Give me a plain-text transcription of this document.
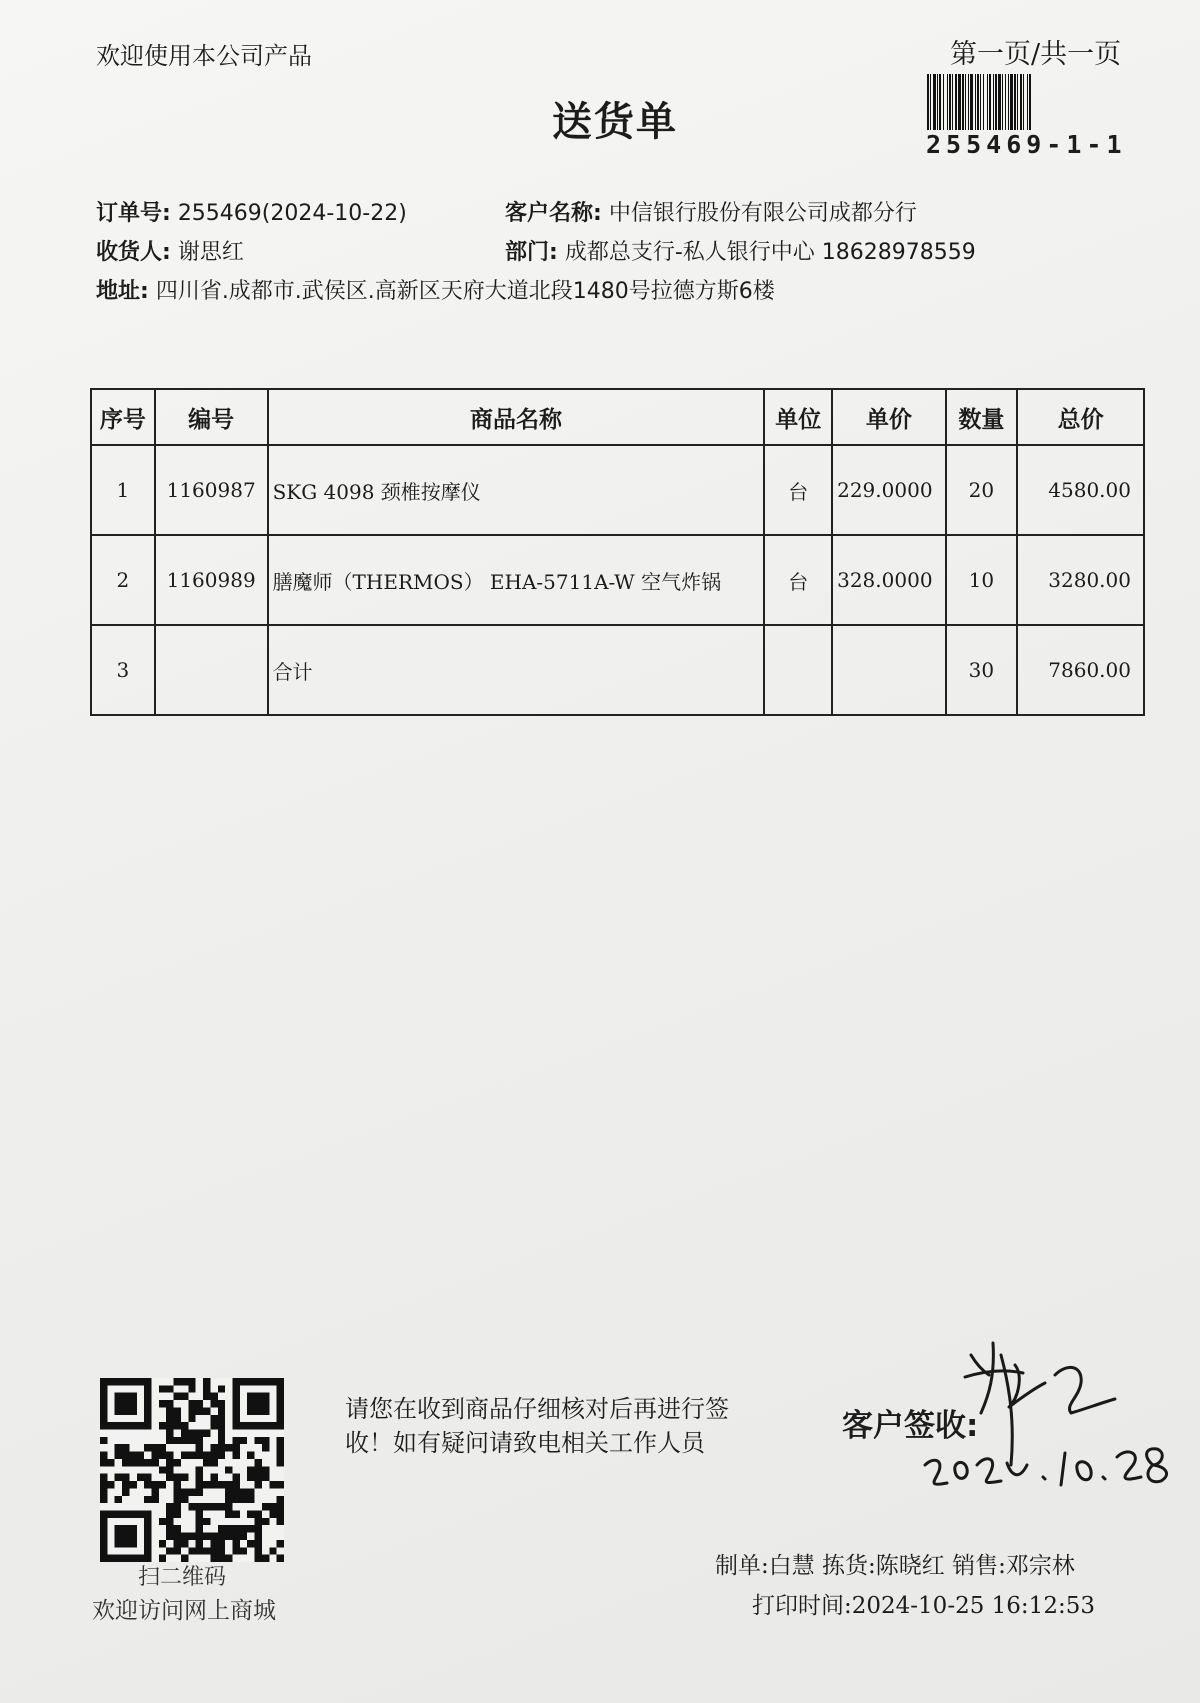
欢迎使用本公司产品	第一页/共一页
送货单	255469-1-1
订单号: 255469(2024-10-22)	客户名称: 中信银行股份有限公司成都分行
收货人: 谢思红	部门: 成都总支行-私人银行中心 18628978559
地址: 四川省.成都市.武侯区.高新区天府大道北段1480号拉德方斯6楼
序号	编号	商品名称	单位	单价	数量	总价
1	1160987	SKG 4098 颈椎按摩仪	台	229.0000	20	4580.00
2	1160989	膳魔师（THERMOS） EHA-5711A-W 空气炸锅	台	328.0000	10	3280.00
3		合计			30	7860.00
扫二维码
欢迎访问网上商城
请您在收到商品仔细核对后再进行签收！如有疑问请致电相关工作人员	客户签收:
制单:白慧 拣货:陈晓红 销售:邓宗林
打印时间:2024-10-25 16:12:53
